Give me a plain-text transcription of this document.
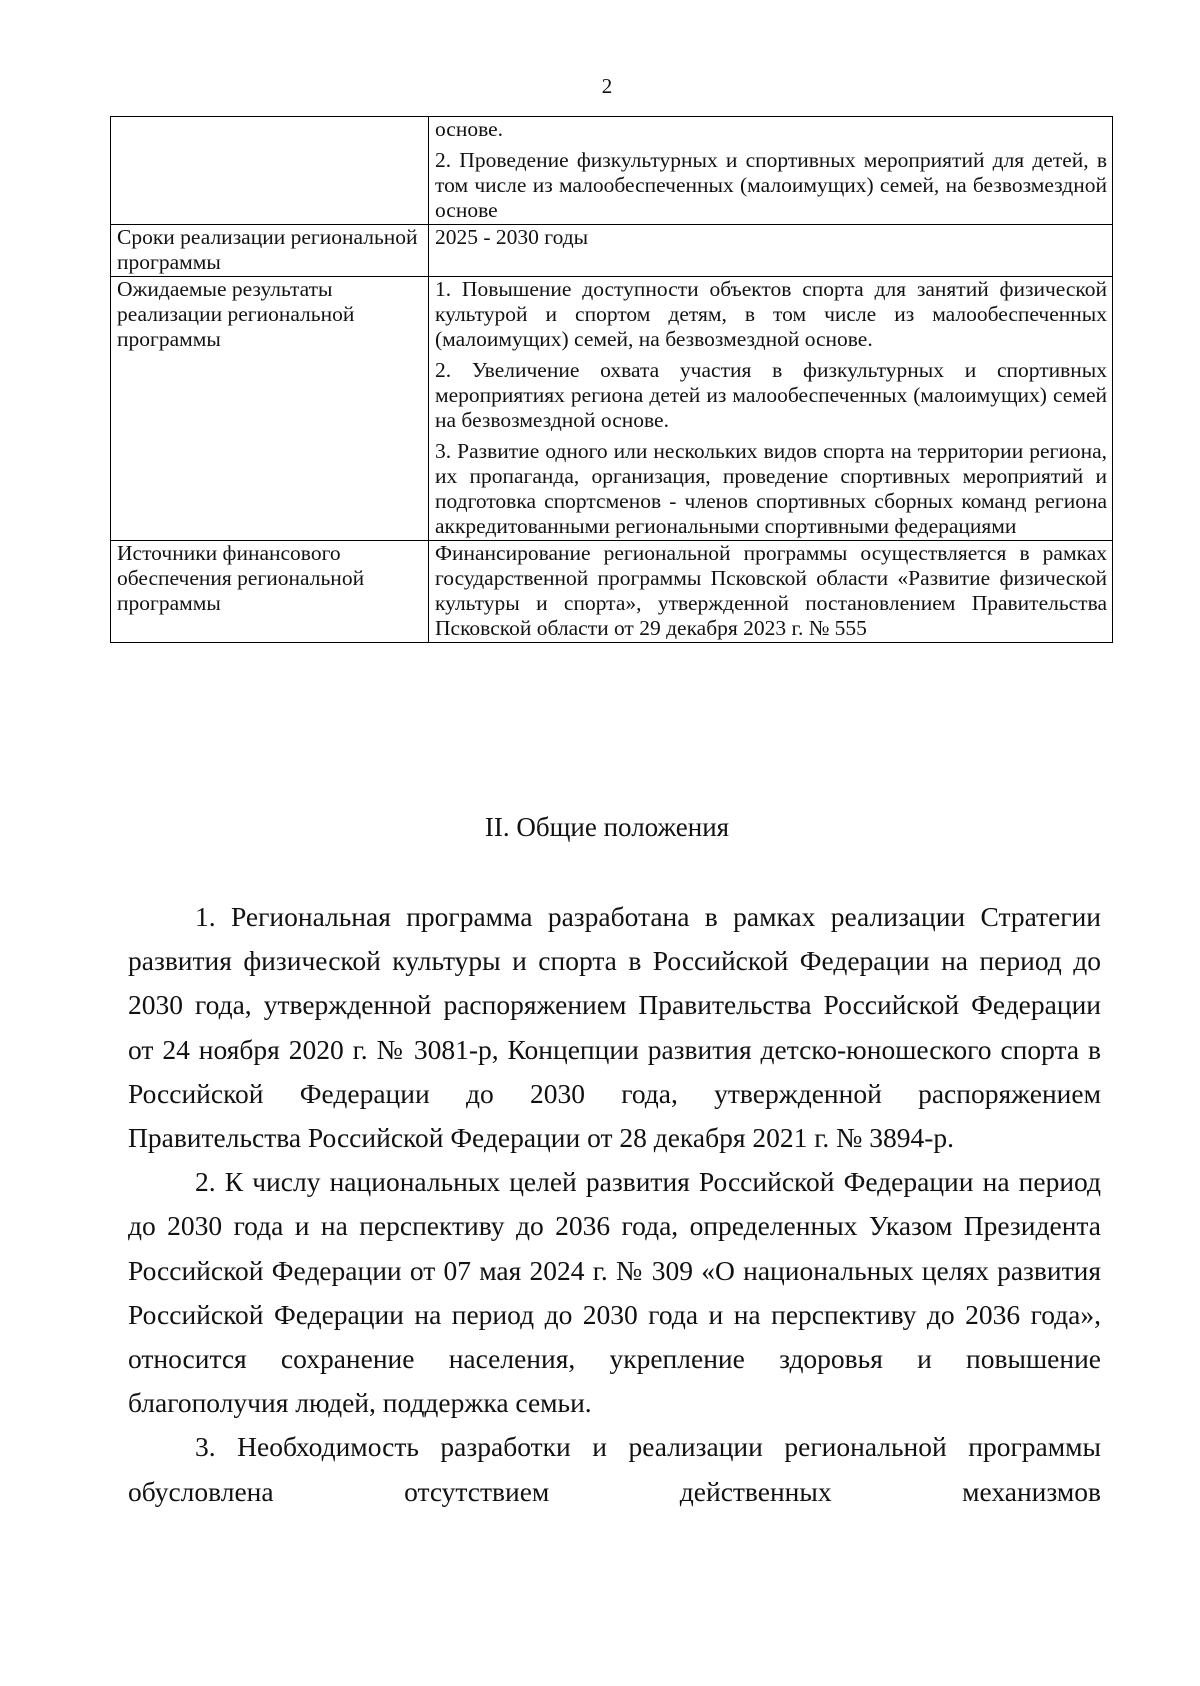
2

	основе.

2. Проведение физкультурных и спортивных мероприятий для детей, в том числе из малообеспеченных (малоимущих) семей, на безвозмездной основе

Сроки реализации региональной программы	2025 - 2030 годы

Ожидаемые результаты реализации региональной программы	1. Повышение доступности объектов спорта для занятий физической культурой и спортом детям, в том числе из малообеспеченных (малоимущих) семей, на безвозмездной основе.

2. Увеличение охвата участия в физкультурных и спортивных мероприятиях региона детей из малообеспеченных (малоимущих) семей на безвозмездной основе.

3. Развитие одного или нескольких видов спорта на территории региона, их пропаганда, организация, проведение спортивных мероприятий и подготовка спортсменов - членов спортивных сборных команд региона аккредитованными региональными спортивными федерациями

Источники финансового обеспечения региональной программы	Финансирование региональной программы осуществляется в рамках государственной программы Псковской области «Развитие физической культуры и спорта», утвержденной постановлением Правительства Псковской области от 29 декабря 2023 г. № 555

II. Общие положения

1. Региональная программа разработана в рамках реализации Стратегии развития физической культуры и спорта в Российской Федерации на период до 2030 года, утвержденной распоряжением Правительства Российской Федерации от 24 ноября 2020 г. № 3081-р, Концепции развития детско-юношеского спорта в Российской Федерации до 2030 года, утвержденной распоряжением Правительства Российской Федерации от 28 декабря 2021 г. № 3894-р.

2. К числу национальных целей развития Российской Федерации на период до 2030 года и на перспективу до 2036 года, определенных Указом Президента Российской Федерации от 07 мая 2024 г. № 309 «О национальных целях развития Российской Федерации на период до 2030 года и на перспективу до 2036 года», относится сохранение населения, укрепление здоровья и повышение благополучия людей, поддержка семьи.

3. Необходимость разработки и реализации региональной программы обусловлена отсутствием действенных механизмов
